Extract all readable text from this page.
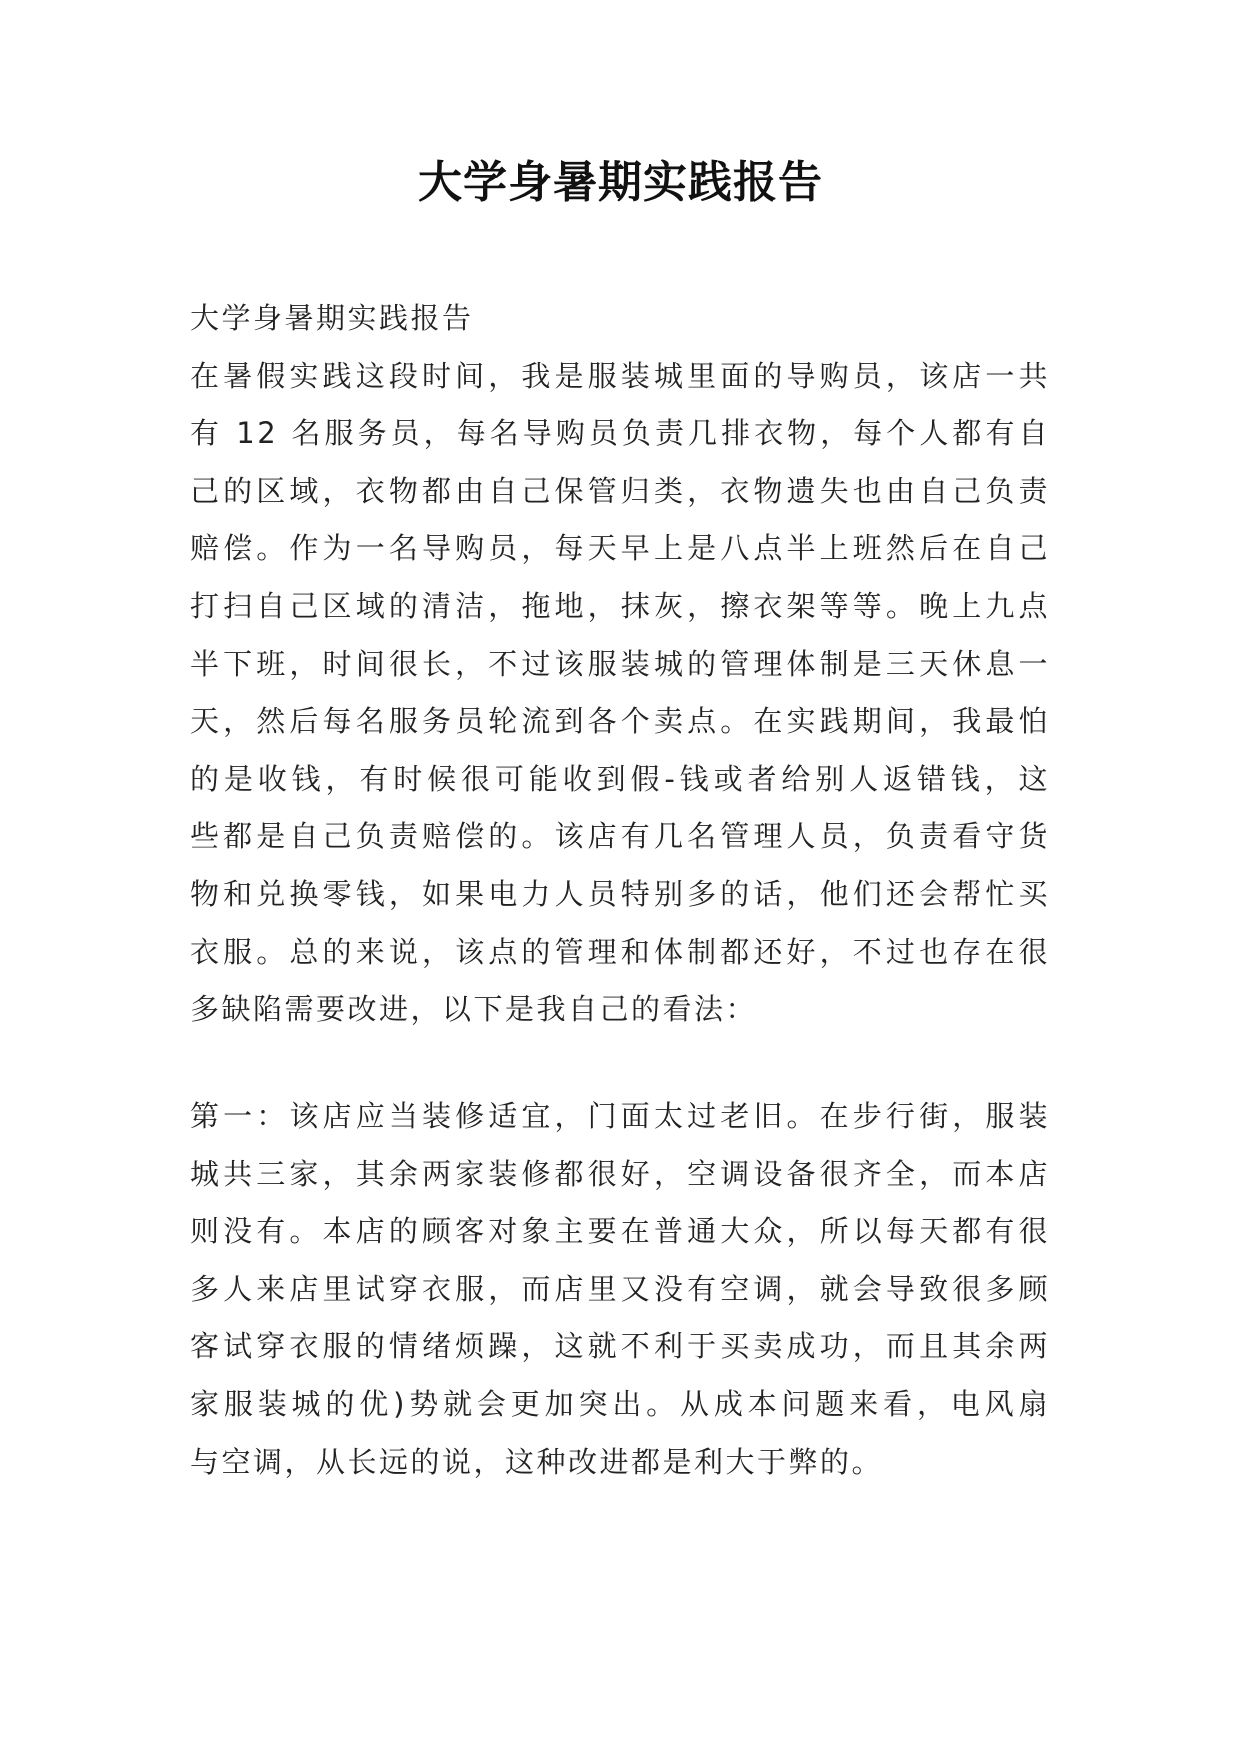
大学身暑期实践报告
大学身暑期实践报告
在暑假实践这段时间，我是服装城里面的导购员，该店一共
有 12 名服务员，每名导购员负责几排衣物，每个人都有自
己的区域，衣物都由自己保管归类，衣物遗失也由自己负责
赔偿。作为一名导购员，每天早上是八点半上班然后在自己
打扫自己区域的清洁，拖地，抹灰，擦衣架等等。晚上九点
半下班，时间很长，不过该服装城的管理体制是三天休息一
天，然后每名服务员轮流到各个卖点。在实践期间，我最怕
的是收钱，有时候很可能收到假-钱或者给别人返错钱，这
些都是自己负责赔偿的。该店有几名管理人员，负责看守货
物和兑换零钱，如果电力人员特别多的话，他们还会帮忙买
衣服。总的来说，该点的管理和体制都还好，不过也存在很
多缺陷需要改进，以下是我自己的看法：
第一：该店应当装修适宜，门面太过老旧。在步行街，服装
城共三家，其余两家装修都很好，空调设备很齐全，而本店
则没有。本店的顾客对象主要在普通大众，所以每天都有很
多人来店里试穿衣服，而店里又没有空调，就会导致很多顾
客试穿衣服的情绪烦躁，这就不利于买卖成功，而且其余两
家服装城的优)势就会更加突出。从成本问题来看，电风扇
与空调，从长远的说，这种改进都是利大于弊的。
